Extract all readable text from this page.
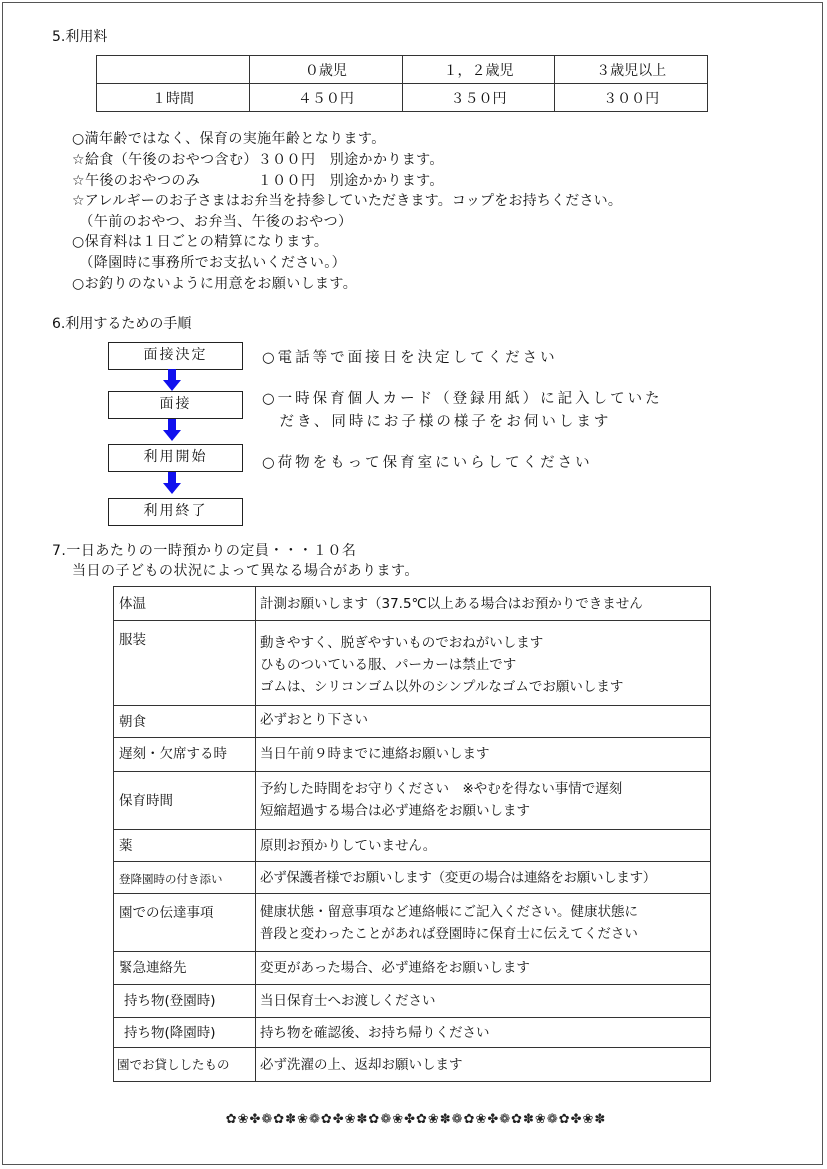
5.利用料
	０歳児	１，２歳児	３歳児以上
１時間	４５０円	３５０円	３００円
○満年齢ではなく、保育の実施年齢となります。
☆給食（午後のおやつ含む）３００円　別途かかります。
☆午後のおやつのみ　　　　１００円　別途かかります。
☆アレルギーのお子さまはお弁当を持参していただきます。コップをお持ちください。
　（午前のおやつ、お弁当、午後のおやつ）
○保育料は１日ごとの精算になります。
　（降園時に事務所でお支払いください。）
○お釣りのないように用意をお願いします。
6.利用するための手順
面接決定
面接
利用開始
利用終了
○電話等で面接日を決定してください
○一時保育個人カード（登録用紙）に記入していた
　だき、同時にお子様の様子をお伺いします
○荷物をもって保育室にいらしてください
7.一日あたりの一時預かりの定員・・・１０名
当日の子どもの状況によって異なる場合があります。
体温	計測お願いします（37.5℃以上ある場合はお預かりできません

服装	動きやすく、脱ぎやすいものでおねがいします
ひものついている服、パーカーは禁止です
ゴムは、シリコンゴム以外のシンプルなゴムでお願いします

朝食	必ずおとり下さい

遅刻・欠席する時	当日午前９時までに連絡お願いします

保育時間	予約した時間をお守りください　※やむを得ない事情で遅刻
短縮超過する場合は必ず連絡をお願いします

薬	原則お預かりしていません。

登降園時の付き添い	必ず保護者様でお願いします（変更の場合は連絡をお願いします）

園での伝達事項	健康状態・留意事項など連絡帳にご記入ください。健康状態に
普段と変わったことがあれば登園時に保育士に伝えてください

緊急連絡先	変更があった場合、必ず連絡をお願いします

持ち物(登園時)	当日保育士へお渡しください

持ち物(降園時)	持ち物を確認後、お持ち帰りください

園でお貸ししたもの	必ず洗濯の上、返却お願いします
✿❀✤❁✿✽❀❁✿✤❀✽✿❁❀✤✿❀✽❁✿❀✤❁✿✽❀❁✿✤❀✽
